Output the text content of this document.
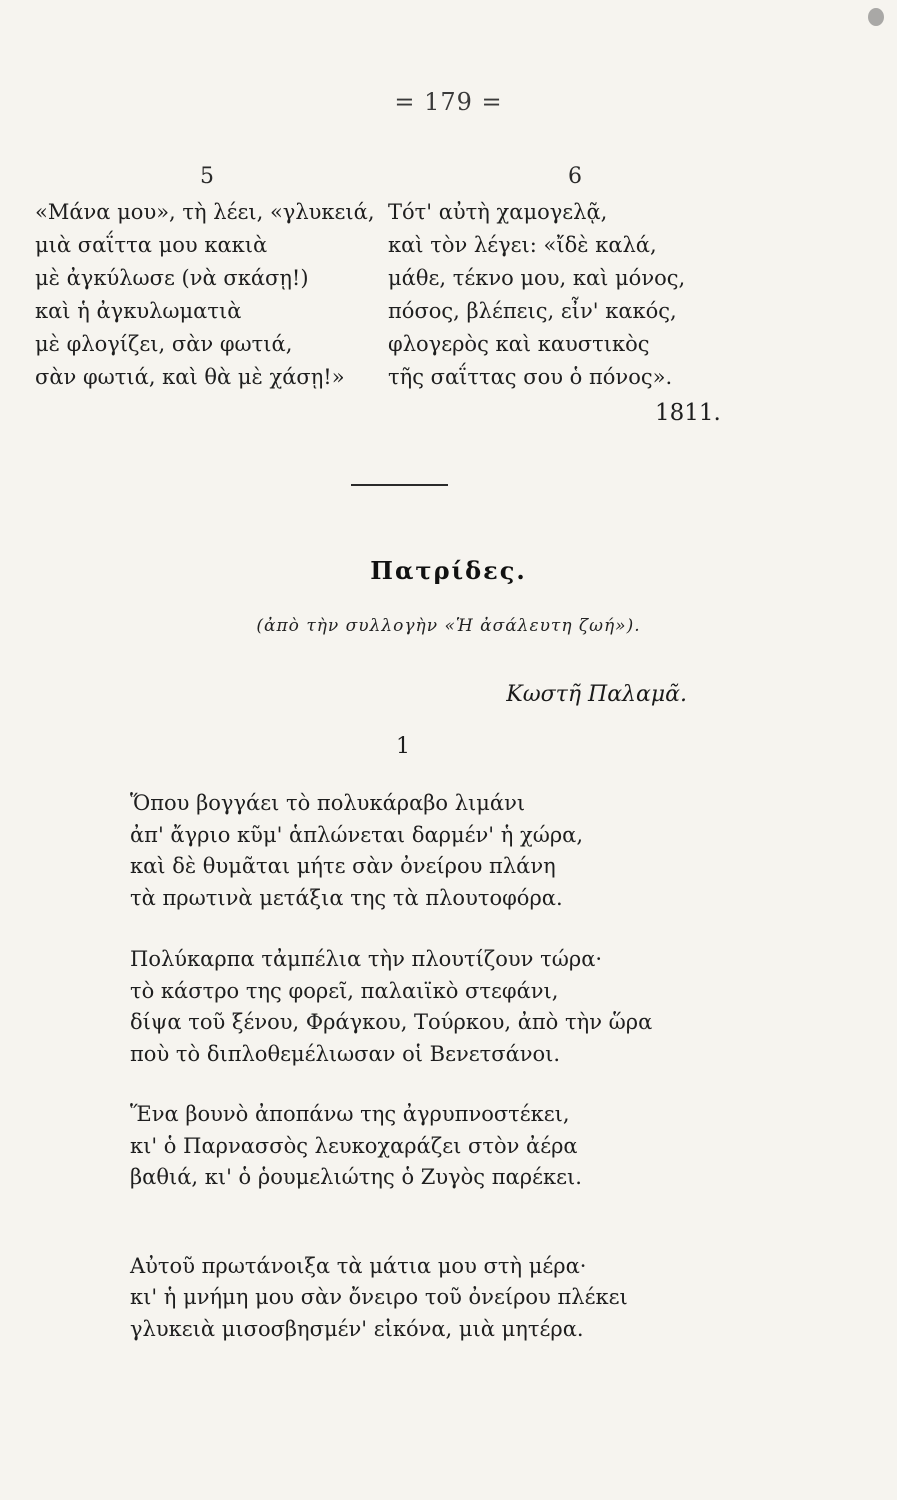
= 179 =
5	6
«Μάνα μου», τὴ λέει, «γλυκειά,
μιὰ σαΐττα μου κακιὰ
μὲ ἀγκύλωσε (νὰ σκάσῃ!)
καὶ ἡ ἀγκυλωματιὰ
μὲ φλογίζει, σὰν φωτιά,
σὰν φωτιά, καὶ θὰ μὲ χάσῃ!»
Τότ' αὐτὴ χαμογελᾷ,
καὶ τὸν λέγει: «ἴδὲ καλά,
μάθε, τέκνο μου, καὶ μόνος,
πόσος, βλέπεις, εἶν' κακός,
φλογερὸς καὶ καυστικὸς
τῆς σαΐττας σου ὁ πόνος».
1811.
Πατρίδες.
(ἀπὸ τὴν συλλογὴν «Ἡ ἀσάλευτη ζωή»).
Κωστῆ Παλαμᾶ.
1
Ὅπου βογγάει τὸ πολυκάραβο λιμάνι
ἀπ' ἄγριο κῦμ' ἁπλώνεται δαρμέν' ἡ χώρα,
καὶ δὲ θυμᾶται μήτε σὰν ὀνείρου πλάνη
τὰ πρωτινὰ μετάξια της τὰ πλουτοφόρα.
Πολύκαρπα τἀμπέλια τὴν πλουτίζουν τώρα·
τὸ κάστρο της φορεῖ, παλαιϊκὸ στεφάνι,
δίψα τοῦ ξένου, Φράγκου, Τούρκου, ἀπὸ τὴν ὥρα
ποὺ τὸ διπλοθεμέλιωσαν οἱ Βενετσάνοι.
Ἕνα βουνὸ ἀποπάνω της ἀγρυπνοστέκει,
κι' ὁ Παρνασσὸς λευκοχαράζει στὸν ἀέρα
βαθιά, κι' ὁ ῥουμελιώτης ὁ Ζυγὸς παρέκει.
Αὐτοῦ πρωτάνοιξα τὰ μάτια μου στὴ μέρα·
κι' ἡ μνήμη μου σὰν ὄνειρο τοῦ ὀνείρου πλέκει
γλυκειὰ μισοσβησμέν' εἰκόνα, μιὰ μητέρα.
